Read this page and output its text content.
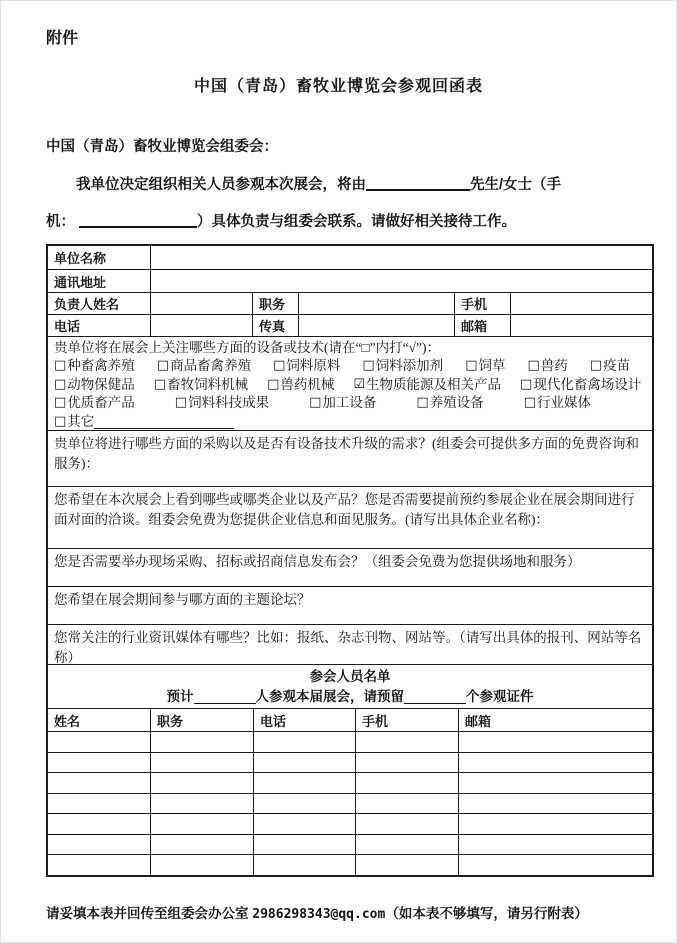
附件
中国（青岛）畜牧业博览会参观回函表
中国（青岛）畜牧业博览会组委会：
我单位决定组织相关人员参观本次展会，将由	先生/女士（手
机：	）具体负责与组委会联系。请做好相关接待工作。
单位名称
通讯地址
负责人姓名	职务	手机
电话	传真	邮箱
贵单位将在展会上关注哪些方面的设备或技术(请在“□”内打“√”)：
□ 种畜禽养殖 □ 商品畜禽养殖 □ 饲料原料 □ 饲料添加剂 □ 饲草 □ 兽药 □ 疫苗
□ 动物保健品 □ 畜牧饲料机械 □ 兽药机械 ☑ 生物质能源及相关产品 □ 现代化畜禽场设计
□ 优质畜产品	□ 饲料科技成果	□ 加工设备	□ 养殖设备	□ 行业媒体
□ 其它
贵单位将进行哪些方面的采购以及是否有设备技术升级的需求？(组委会可提供多方面的免费咨询和服务)：
您希望在本次展会上看到哪些或哪类企业以及产品？您是否需要提前预约参展企业在展会期间进行面对面的洽谈。组委会免费为您提供企业信息和面见服务。(请写出具体企业名称)：
您是否需要举办现场采购、招标或招商信息发布会？（组委会免费为您提供场地和服务）
您希望在展会期间参与哪方面的主题论坛？
您常关注的行业资讯媒体有哪些？比如：报纸、杂志刊物、网站等。（请写出具体的报刊、网站等名称）
参会人员名单
预计	人参观本届展会，请预留	个参观证件
姓名	职务	电话	手机	邮箱
请妥填本表并回传至组委会办公室 2986298343@qq.com（如本表不够填写，请另行附表）
